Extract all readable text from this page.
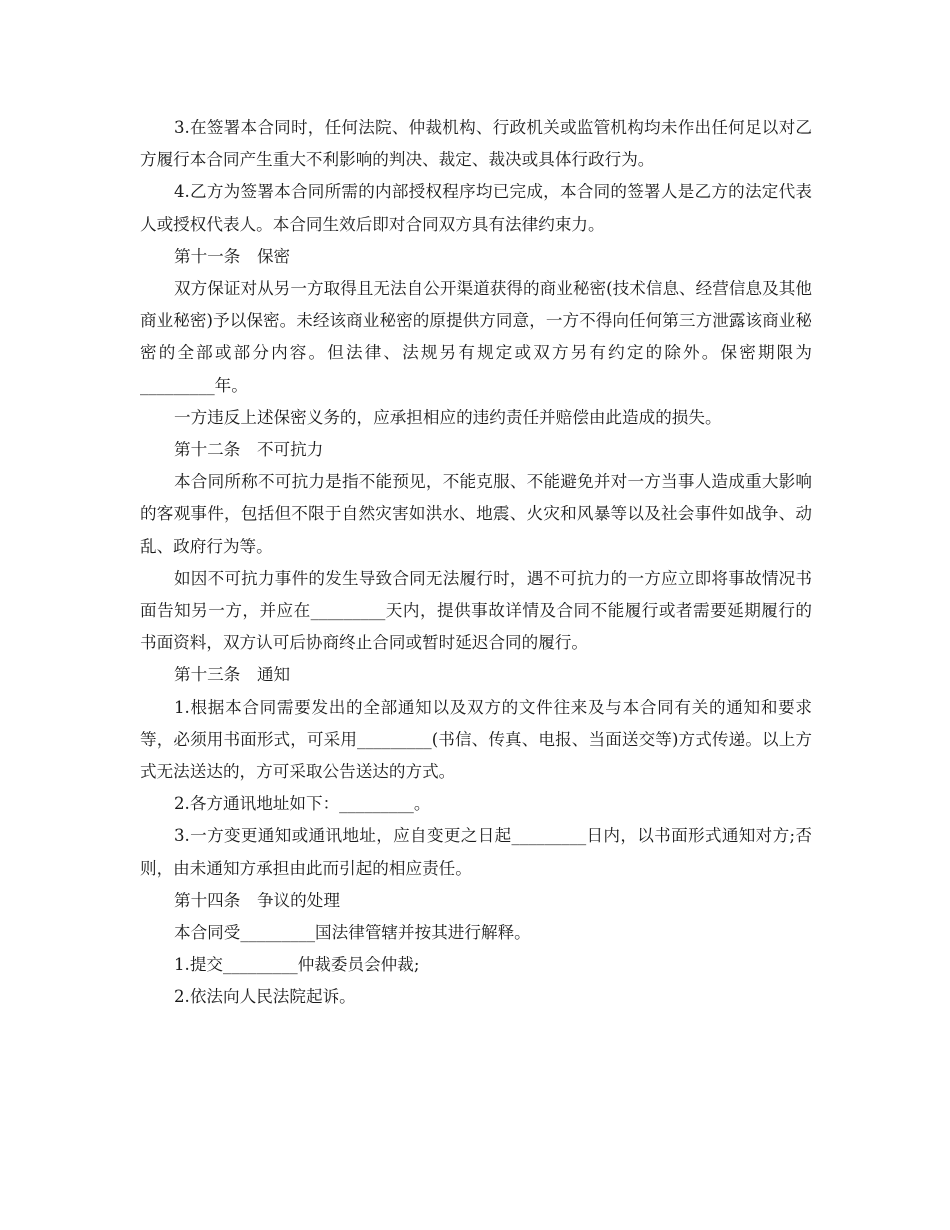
3.在签署本合同时，任何法院、仲裁机构、行政机关或监管机构均未作出任何足以对乙方履行本合同产生重大不利影响的判决、裁定、裁决或具体行政行为。

4.乙方为签署本合同所需的内部授权程序均已完成，本合同的签署人是乙方的法定代表人或授权代表人。本合同生效后即对合同双方具有法律约束力。

第十一条　保密

双方保证对从另一方取得且无法自公开渠道获得的商业秘密(技术信息、经营信息及其他商业秘密)予以保密。未经该商业秘密的原提供方同意，一方不得向任何第三方泄露该商业秘密的全部或部分内容。但法律、法规另有规定或双方另有约定的除外。保密期限为_________年。

一方违反上述保密义务的，应承担相应的违约责任并赔偿由此造成的损失。

第十二条　不可抗力

本合同所称不可抗力是指不能预见，不能克服、不能避免并对一方当事人造成重大影响的客观事件，包括但不限于自然灾害如洪水、地震、火灾和风暴等以及社会事件如战争、动乱、政府行为等。

如因不可抗力事件的发生导致合同无法履行时，遇不可抗力的一方应立即将事故情况书面告知另一方，并应在_________天内，提供事故详情及合同不能履行或者需要延期履行的书面资料，双方认可后协商终止合同或暂时延迟合同的履行。

第十三条　通知

1.根据本合同需要发出的全部通知以及双方的文件往来及与本合同有关的通知和要求等，必须用书面形式，可采用_________(书信、传真、电报、当面送交等)方式传递。以上方式无法送达的，方可采取公告送达的方式。

2.各方通讯地址如下：_________。

3.一方变更通知或通讯地址，应自变更之日起_________日内，以书面形式通知对方;否则，由未通知方承担由此而引起的相应责任。

第十四条　争议的处理

本合同受_________国法律管辖并按其进行解释。

1.提交_________仲裁委员会仲裁;

2.依法向人民法院起诉。
